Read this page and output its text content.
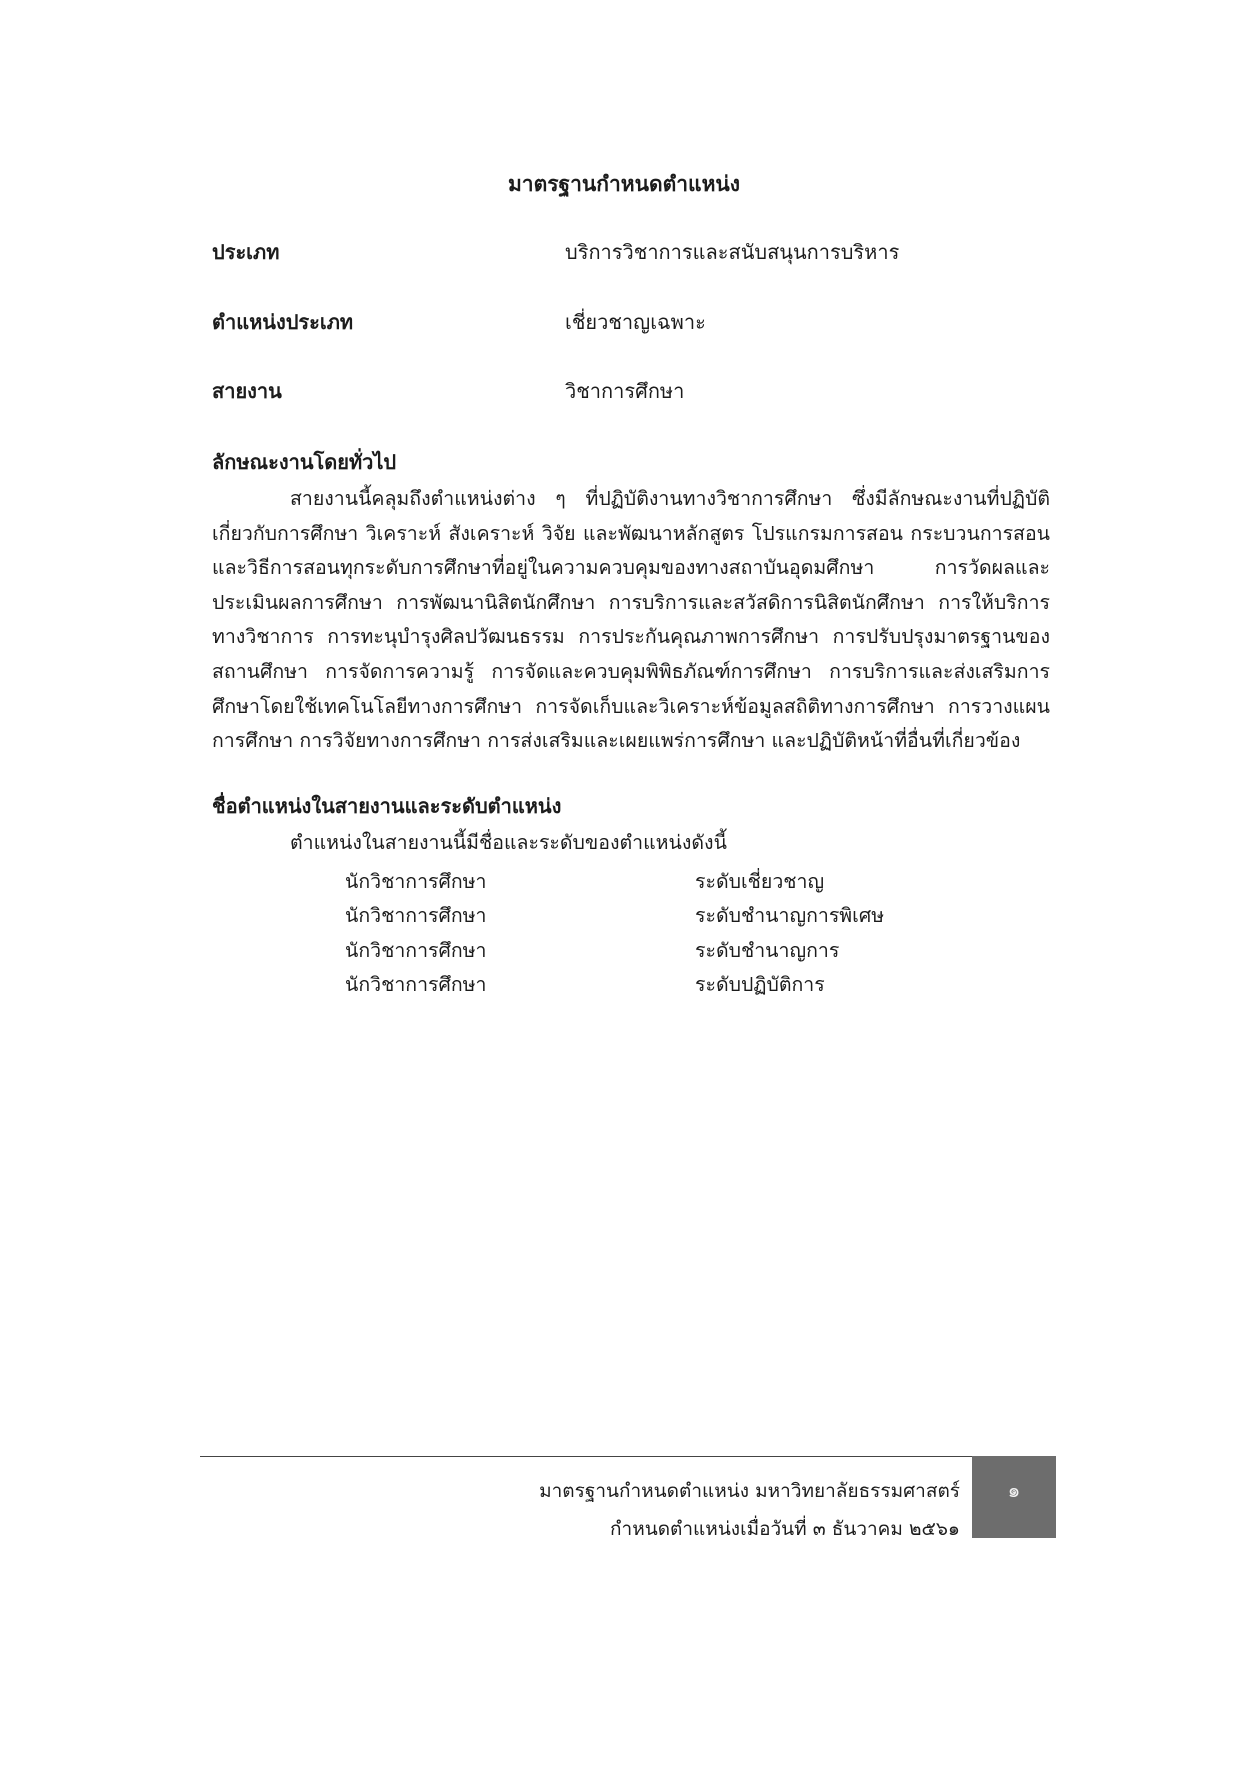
มาตรฐานกำหนดตำแหน่ง
ประเภท	บริการวิชาการและสนับสนุนการบริหาร
ตำแหน่งประเภท	เชี่ยวชาญเฉพาะ
สายงาน	วิชาการศึกษา
ลักษณะงานโดยทั่วไป
สายงานนี้คลุมถึงตำแหน่งต่าง ๆ ที่ปฏิบัติงานทางวิชาการศึกษา ซึ่งมีลักษณะงานที่ปฏิบัติเกี่ยวกับการศึกษา วิเคราะห์ สังเคราะห์ วิจัย และพัฒนาหลักสูตร โปรแกรมการสอน กระบวนการสอนและวิธีการสอนทุกระดับการศึกษาที่อยู่ในความควบคุมของทางสถาบันอุดมศึกษา การวัดผลและประเมินผลการศึกษา การพัฒนานิสิตนักศึกษา การบริการและสวัสดิการนิสิตนักศึกษา การให้บริการทางวิชาการ การทะนุบำรุงศิลปวัฒนธรรม การประกันคุณภาพการศึกษา การปรับปรุงมาตรฐานของสถานศึกษา การจัดการความรู้ การจัดและควบคุมพิพิธภัณฑ์การศึกษา การบริการและส่งเสริมการศึกษาโดยใช้เทคโนโลยีทางการศึกษา การจัดเก็บและวิเคราะห์ข้อมูลสถิติทางการศึกษา การวางแผนการศึกษา การวิจัยทางการศึกษา การส่งเสริมและเผยแพร่การศึกษา และปฏิบัติหน้าที่อื่นที่เกี่ยวข้อง
ชื่อตำแหน่งในสายงานและระดับตำแหน่ง
ตำแหน่งในสายงานนี้มีชื่อและระดับของตำแหน่งดังนี้
นักวิชาการศึกษา	ระดับเชี่ยวชาญ
นักวิชาการศึกษา	ระดับชำนาญการพิเศษ
นักวิชาการศึกษา	ระดับชำนาญการ
นักวิชาการศึกษา	ระดับปฏิบัติการ
มาตรฐานกำหนดตำแหน่ง มหาวิทยาลัยธรรมศาสตร์
กำหนดตำแหน่งเมื่อวันที่ ๓ ธันวาคม ๒๕๖๑
๑
